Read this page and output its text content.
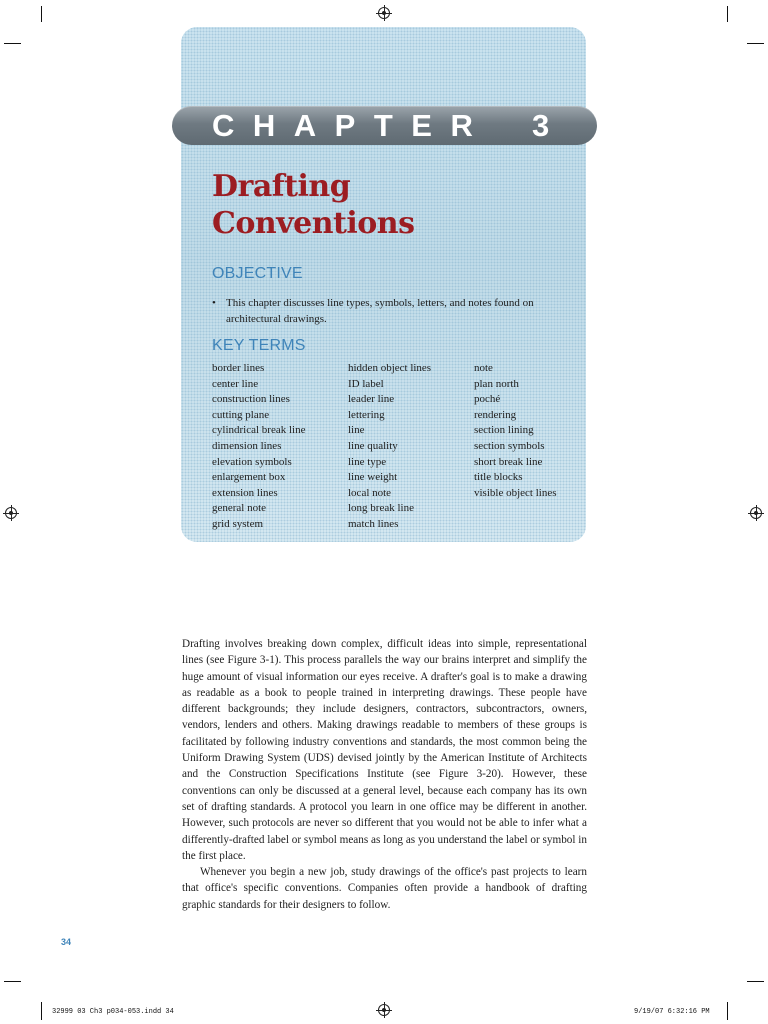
CHAPTER 3
Drafting
Conventions
OBJECTIVE
• This chapter discusses line types, symbols, letters, and notes found on architectural drawings.
KEY TERMS
border lines
center line
construction lines
cutting plane
cylindrical break line
dimension lines
elevation symbols
enlargement box
extension lines
general note
grid system
hidden object lines
ID label
leader line
lettering
line
line quality
line type
line weight
local note
long break line
match lines
note
plan north
poché
rendering
section lining
section symbols
short break line
title blocks
visible object lines

Drafting involves breaking down complex, difficult ideas into simple, representational lines (see Figure 3-1). This process parallels the way our brains interpret and simplify the huge amount of visual information our eyes receive. A drafter's goal is to make a drawing as readable as a book to people trained in interpreting drawings. These people have different backgrounds; they include designers, contractors, subcontractors, owners, vendors, lenders and others. Making drawings readable to members of these groups is facilitated by following industry conventions and standards, the most common being the Uniform Drawing System (UDS) devised jointly by the American Institute of Architects and the Construction Specifications Institute (see Figure 3-20). However, these conventions can only be discussed at a general level, because each company has its own set of drafting standards. A protocol you learn in one office may be different in another. However, such protocols are never so different that you would not be able to infer what a differently-drafted label or symbol means as long as you understand the label or symbol in the first place.

Whenever you begin a new job, study drawings of the office's past projects to learn that office's specific conventions. Companies often provide a handbook of drafting graphic standards for their designers to follow.

34
32999 03 Ch3 p034-053.indd 34	9/19/07 6:32:16 PM
